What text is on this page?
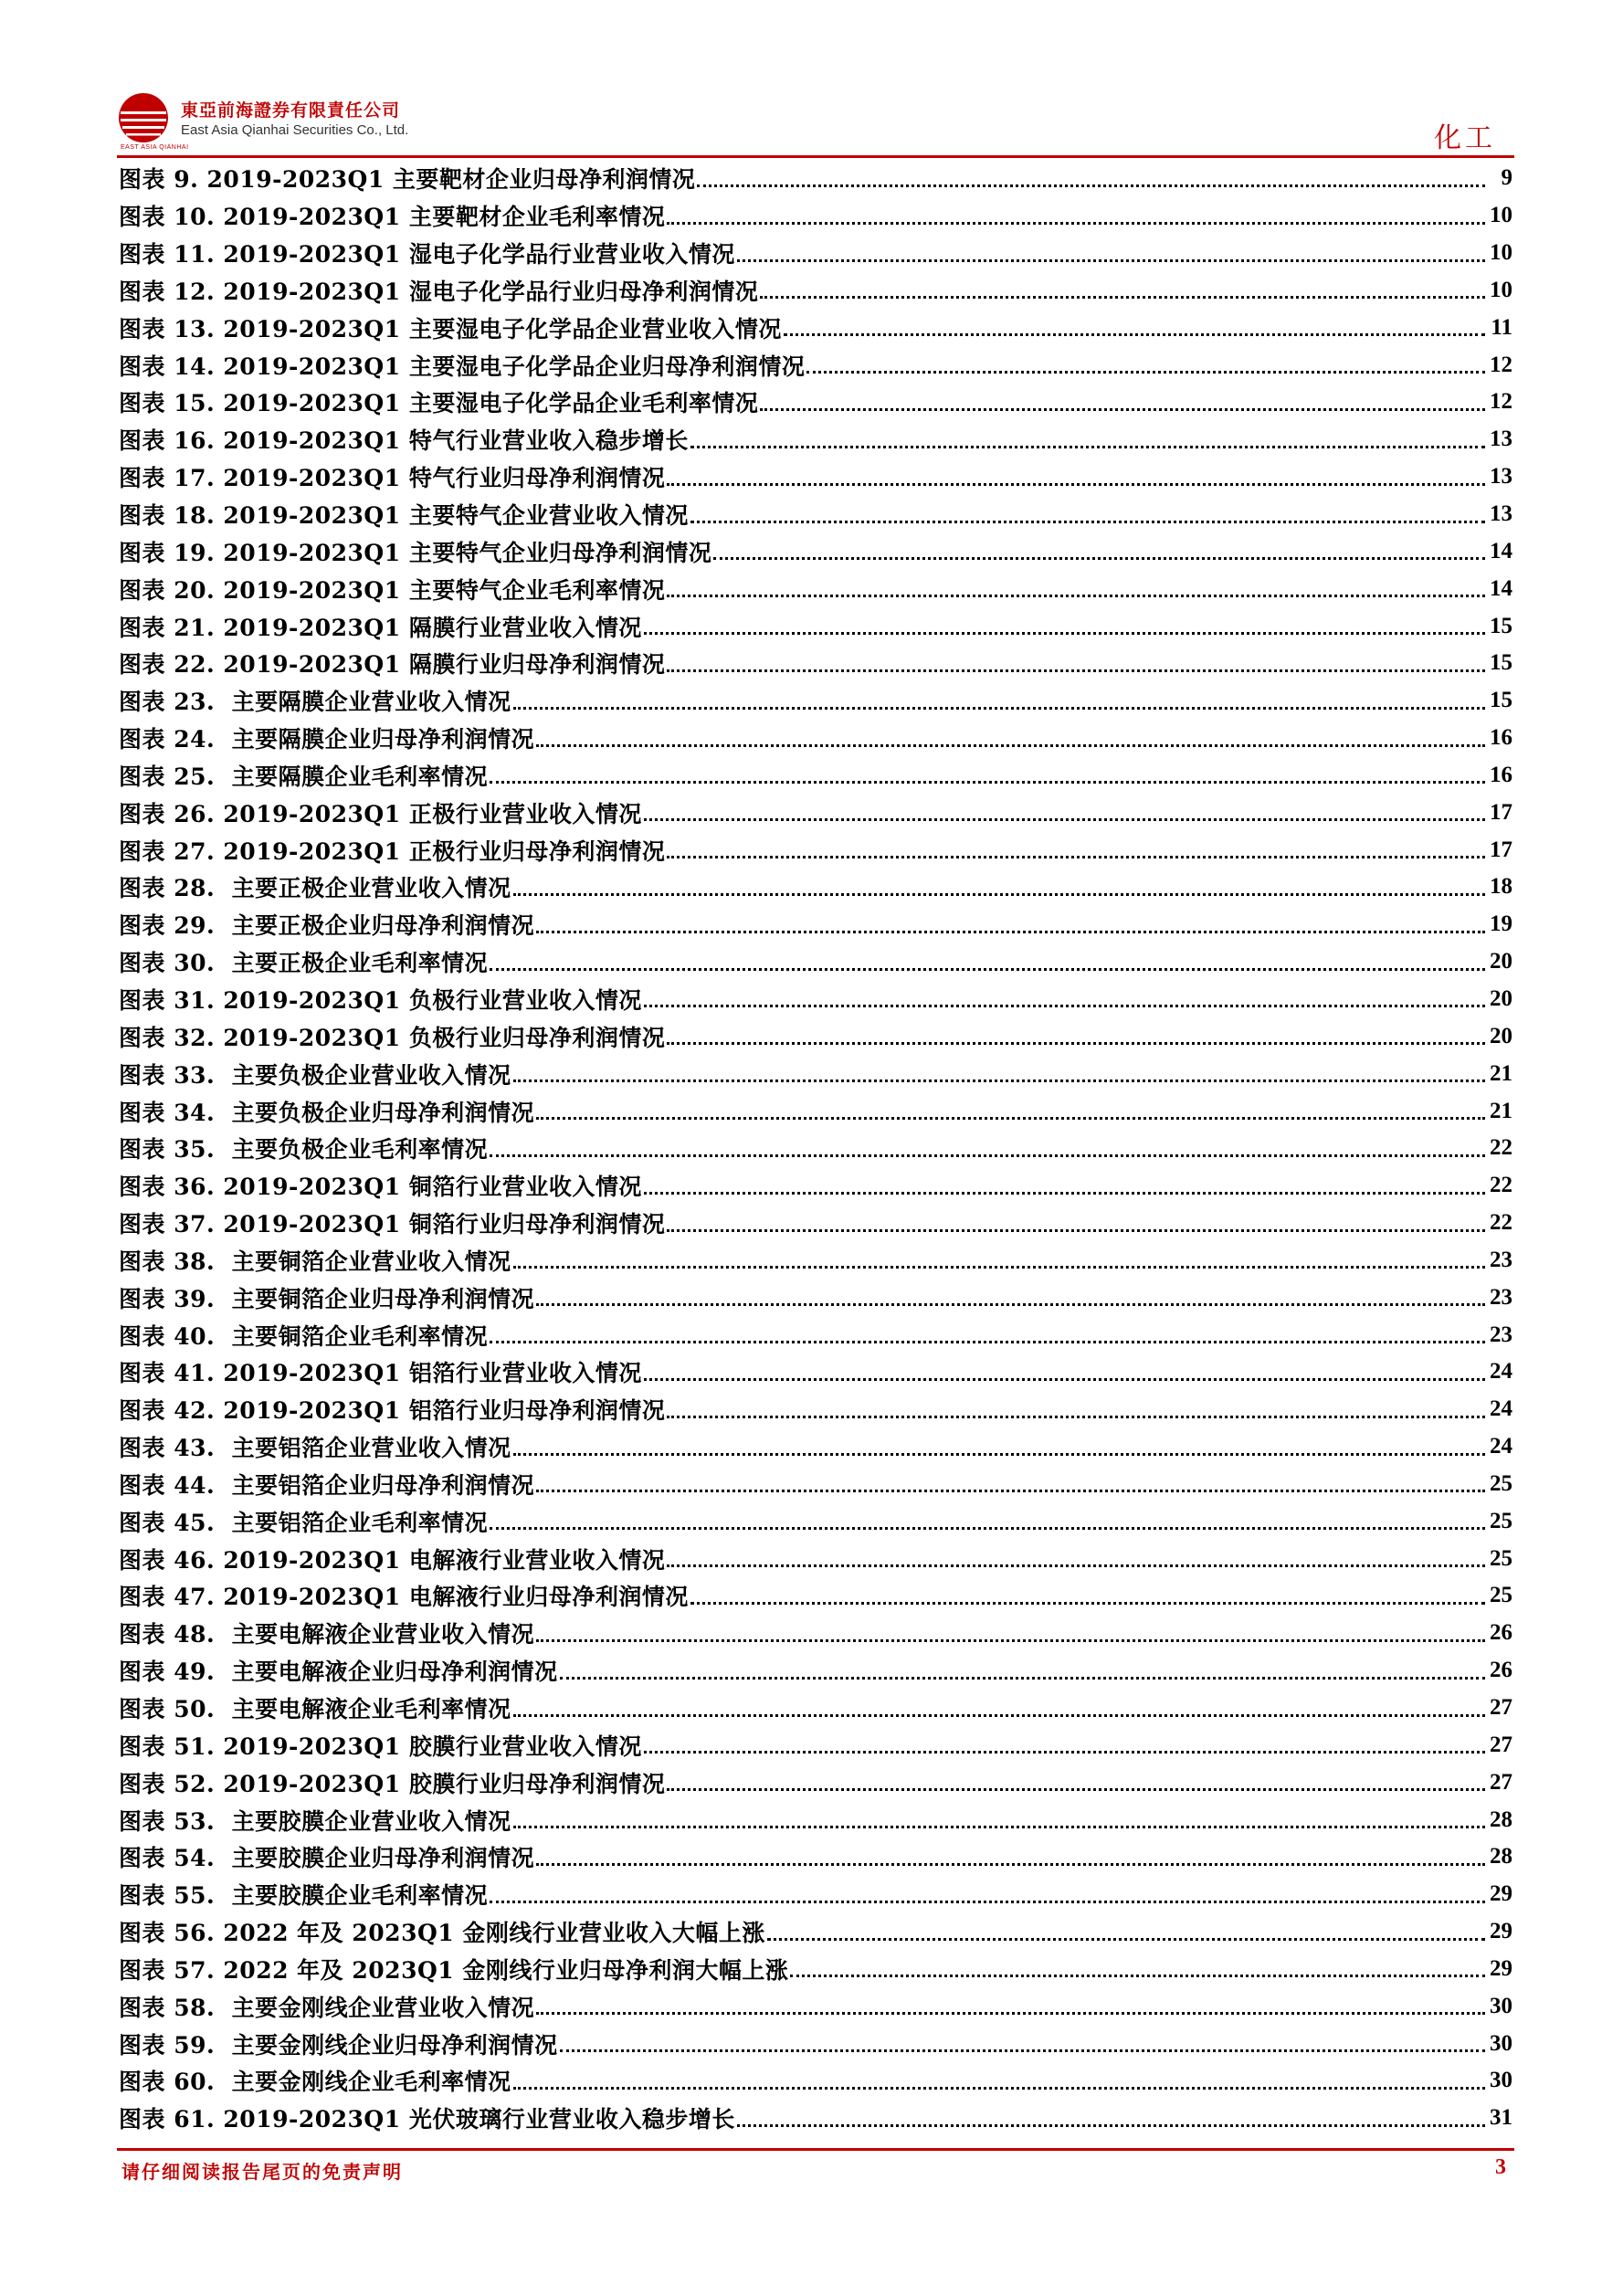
EAST ASIA QIANHAI
東亞前海證券有限責任公司
East Asia Qianhai Securities Co., Ltd.	化工
图表 9. 2019-2023Q1 主要靶材企业归母净利润情况	9
图表 10. 2019-2023Q1 主要靶材企业毛利率情况	10
图表 11. 2019-2023Q1 湿电子化学品行业营业收入情况	10
图表 12. 2019-2023Q1 湿电子化学品行业归母净利润情况	10
图表 13. 2019-2023Q1 主要湿电子化学品企业营业收入情况	11
图表 14. 2019-2023Q1 主要湿电子化学品企业归母净利润情况	12
图表 15. 2019-2023Q1 主要湿电子化学品企业毛利率情况	12
图表 16. 2019-2023Q1 特气行业营业收入稳步增长	13
图表 17. 2019-2023Q1 特气行业归母净利润情况	13
图表 18. 2019-2023Q1 主要特气企业营业收入情况	13
图表 19. 2019-2023Q1 主要特气企业归母净利润情况	14
图表 20. 2019-2023Q1 主要特气企业毛利率情况	14
图表 21. 2019-2023Q1 隔膜行业营业收入情况	15
图表 22. 2019-2023Q1 隔膜行业归母净利润情况	15
图表 23.  主要隔膜企业营业收入情况	15
图表 24.  主要隔膜企业归母净利润情况	16
图表 25.  主要隔膜企业毛利率情况	16
图表 26. 2019-2023Q1 正极行业营业收入情况	17
图表 27. 2019-2023Q1 正极行业归母净利润情况	17
图表 28.  主要正极企业营业收入情况	18
图表 29.  主要正极企业归母净利润情况	19
图表 30.  主要正极企业毛利率情况	20
图表 31. 2019-2023Q1 负极行业营业收入情况	20
图表 32. 2019-2023Q1 负极行业归母净利润情况	20
图表 33.  主要负极企业营业收入情况	21
图表 34.  主要负极企业归母净利润情况	21
图表 35.  主要负极企业毛利率情况	22
图表 36. 2019-2023Q1 铜箔行业营业收入情况	22
图表 37. 2019-2023Q1 铜箔行业归母净利润情况	22
图表 38.  主要铜箔企业营业收入情况	23
图表 39.  主要铜箔企业归母净利润情况	23
图表 40.  主要铜箔企业毛利率情况	23
图表 41. 2019-2023Q1 铝箔行业营业收入情况	24
图表 42. 2019-2023Q1 铝箔行业归母净利润情况	24
图表 43.  主要铝箔企业营业收入情况	24
图表 44.  主要铝箔企业归母净利润情况	25
图表 45.  主要铝箔企业毛利率情况	25
图表 46. 2019-2023Q1 电解液行业营业收入情况	25
图表 47. 2019-2023Q1 电解液行业归母净利润情况	25
图表 48.  主要电解液企业营业收入情况	26
图表 49.  主要电解液企业归母净利润情况	26
图表 50.  主要电解液企业毛利率情况	27
图表 51. 2019-2023Q1 胶膜行业营业收入情况	27
图表 52. 2019-2023Q1 胶膜行业归母净利润情况	27
图表 53.  主要胶膜企业营业收入情况	28
图表 54.  主要胶膜企业归母净利润情况	28
图表 55.  主要胶膜企业毛利率情况	29
图表 56. 2022 年及 2023Q1 金刚线行业营业收入大幅上涨	29
图表 57. 2022 年及 2023Q1 金刚线行业归母净利润大幅上涨	29
图表 58.  主要金刚线企业营业收入情况	30
图表 59.  主要金刚线企业归母净利润情况	30
图表 60.  主要金刚线企业毛利率情况	30
图表 61. 2019-2023Q1 光伏玻璃行业营业收入稳步增长	31
请仔细阅读报告尾页的免责声明	3
